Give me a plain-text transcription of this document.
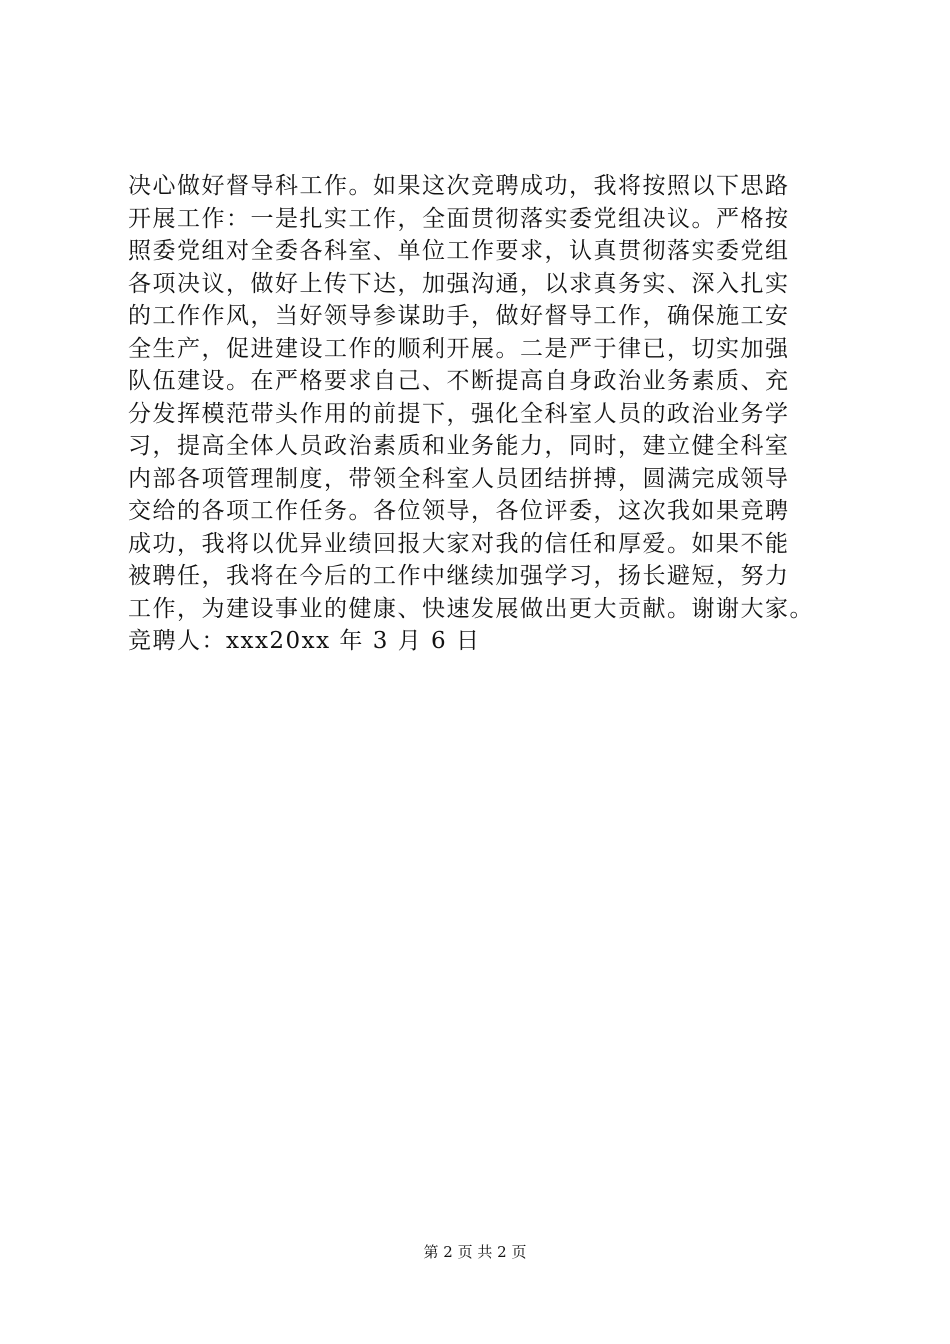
决心做好督导科工作。如果这次竞聘成功，我将按照以下思路
开展工作：一是扎实工作，全面贯彻落实委党组决议。严格按
照委党组对全委各科室、单位工作要求，认真贯彻落实委党组
各项决议，做好上传下达，加强沟通，以求真务实、深入扎实
的工作作风，当好领导参谋助手，做好督导工作，确保施工安
全生产，促进建设工作的顺利开展。二是严于律已，切实加强
队伍建设。在严格要求自己、不断提高自身政治业务素质、充
分发挥模范带头作用的前提下，强化全科室人员的政治业务学
习，提高全体人员政治素质和业务能力，同时，建立健全科室
内部各项管理制度，带领全科室人员团结拼搏，圆满完成领导
交给的各项工作任务。各位领导，各位评委，这次我如果竞聘
成功，我将以优异业绩回报大家对我的信任和厚爱。如果不能
被聘任，我将在今后的工作中继续加强学习，扬长避短，努力
工作，为建设事业的健康、快速发展做出更大贡献。谢谢大家。
竞聘人：xxx20xx 年 3 月 6 日
第 2 页 共 2 页
